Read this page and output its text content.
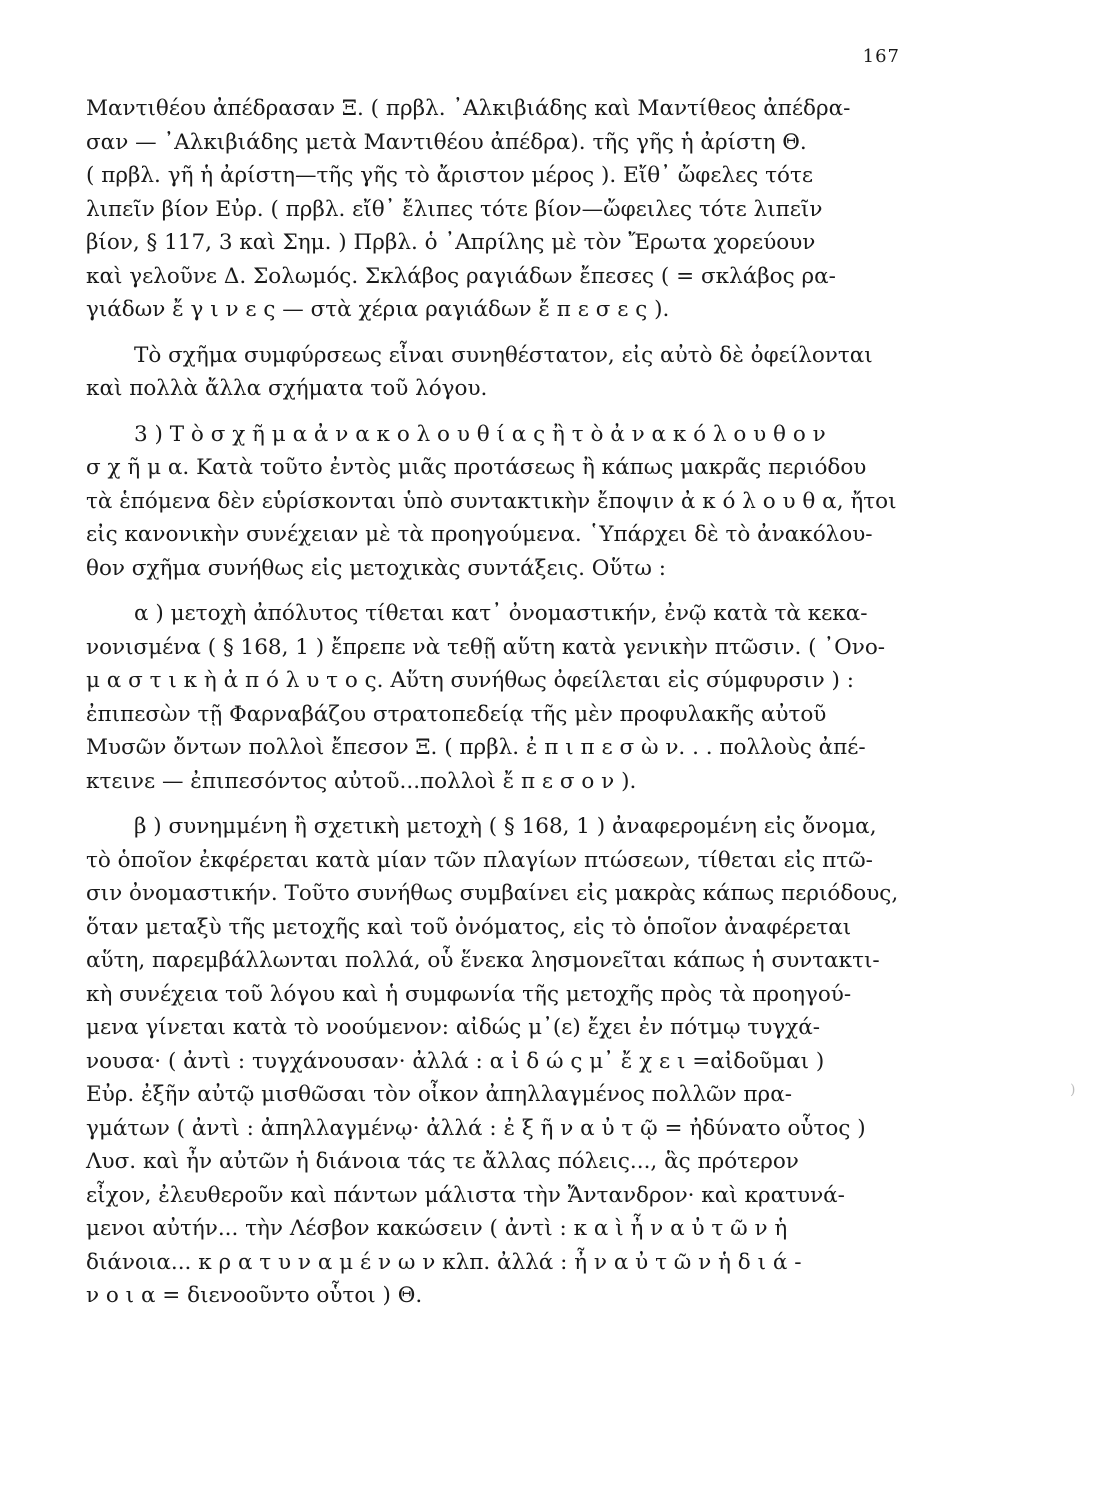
167
Μαντιθέου ἀπέδρασαν Ξ. ( πρβλ. ᾿Αλκιβιάδης καὶ Μαντίθεος ἀπέδρα-
σαν — ᾿Αλκιβιάδης μετὰ Μαντιθέου ἀπέδρα). τῆς γῆς ἡ ἀρίστη Θ.
( πρβλ. γῆ ἡ ἀρίστη—τῆς γῆς τὸ ἄριστον μέρος ). Εἴθ᾿ ὤφελες τότε
λιπεῖν βίον Εὐρ. ( πρβλ. εἴθ᾿ ἔλιπες τότε βίον—ὤφειλες τότε λιπεῖν
βίον, § 117, 3 καὶ Σημ. ) Πρβλ. ὁ ᾿Απρίλης μὲ τὸν Ἔρωτα χορεύουν
καὶ γελοῦνε Δ. Σολωμός. Σκλάβος ραγιάδων ἔπεσες ( = σκλάβος ρα-
γιάδων ἔ γ ι ν ε ς — στὰ χέρια ραγιάδων ἔ π ε σ ε ς ).
Τὸ σχῆμα συμφύρσεως εἶναι συνηθέστατον, εἰς αὐτὸ δὲ ὀφείλονται
καὶ πολλὰ ἄλλα σχήματα τοῦ λόγου.
3 ) Τ ὸ σ χ ῆ μ α ἀ ν α κ ο λ ο υ θ ί α ς ἢ τ ὸ ἀ ν α κ ό λ ο υ θ ο ν
σ χ ῆ μ α. Κατὰ τοῦτο ἐντὸς μιᾶς προτάσεως ἢ κάπως μακρᾶς περιόδου
τὰ ἑπόμενα δὲν εὑρίσκονται ὑπὸ συντακτικὴν ἔποψιν ἀ κ ό λ ο υ θ α, ἤτοι
εἰς κανονικὴν συνέχειαν μὲ τὰ προηγούμενα. ῾Υπάρχει δὲ τὸ ἀνακόλου-
θον σχῆμα συνήθως εἰς μετοχικὰς συντάξεις. Οὕτω :
α ) μετοχὴ ἀπόλυτος τίθεται κατ᾿ ὀνομαστικήν, ἐνῷ κατὰ τὰ κεκα-
νονισμένα ( § 168, 1 ) ἔπρεπε νὰ τεθῇ αὕτη κατὰ γενικὴν πτῶσιν. ( ᾿Ονο-
μ α σ τ ι κ ὴ ἀ π ό λ υ τ ο ς. Αὕτη συνήθως ὀφείλεται εἰς σύμφυρσιν ) :
ἐπιπεσὼν τῇ Φαρναβάζου στρατοπεδείᾳ τῆς μὲν προφυλακῆς αὐτοῦ
Μυσῶν ὄντων πολλοὶ ἔπεσον Ξ. ( πρβλ. ἐ π ι π ε σ ὼ ν. . . πολλοὺς ἀπέ-
κτεινε — ἐπιπεσόντος αὐτοῦ...πολλοὶ ἔ π ε σ ο ν ).
β ) συνημμένη ἢ σχετικὴ μετοχὴ ( § 168, 1 ) ἀναφερομένη εἰς ὄνομα,
τὸ ὁποῖον ἐκφέρεται κατὰ μίαν τῶν πλαγίων πτώσεων, τίθεται εἰς πτῶ-
σιν ὀνομαστικήν. Τοῦτο συνήθως συμβαίνει εἰς μακρὰς κάπως περιόδους,
ὅταν μεταξὺ τῆς μετοχῆς καὶ τοῦ ὀνόματος, εἰς τὸ ὁποῖον ἀναφέρεται
αὕτη, παρεμβάλλωνται πολλά, οὗ ἕνεκα λησμονεῖται κάπως ἡ συντακτι-
κὴ συνέχεια τοῦ λόγου καὶ ἡ συμφωνία τῆς μετοχῆς πρὸς τὰ προηγού-
μενα γίνεται κατὰ τὸ νοούμενον: αἰδώς μ᾿(ε) ἔχει ἐν πότμῳ τυγχά-
νουσα· ( ἀντὶ : τυγχάνουσαν· ἀλλά : α ἰ δ ώ ς μ᾿ ἔ χ ε ι =αἰδοῦμαι )
Εὐρ. ἐξῆν αὐτῷ μισθῶσαι τὸν οἶκον ἀπηλλαγμένος πολλῶν πρα-
γμάτων ( ἀντὶ : ἀπηλλαγμένῳ· ἀλλά : ἐ ξ ῆ ν α ὐ τ ῷ = ἠδύνατο οὗτος )
Λυσ. καὶ ἦν αὐτῶν ἡ διάνοια τάς τε ἄλλας πόλεις..., ἃς πρότερον
εἶχον, ἐλευθεροῦν καὶ πάντων μάλιστα τὴν Ἄντανδρον· καὶ κρατυνά-
μενοι αὐτήν... τὴν Λέσβον κακώσειν ( ἀντὶ : κ α ὶ ἦ ν α ὐ τ ῶ ν ἡ
διάνοια... κ ρ α τ υ ν α μ έ ν ω ν κλπ. ἀλλά : ἦ ν α ὐ τ ῶ ν ἡ δ ι ά -
ν ο ι α = διενοοῦντο οὗτοι ) Θ.
)
